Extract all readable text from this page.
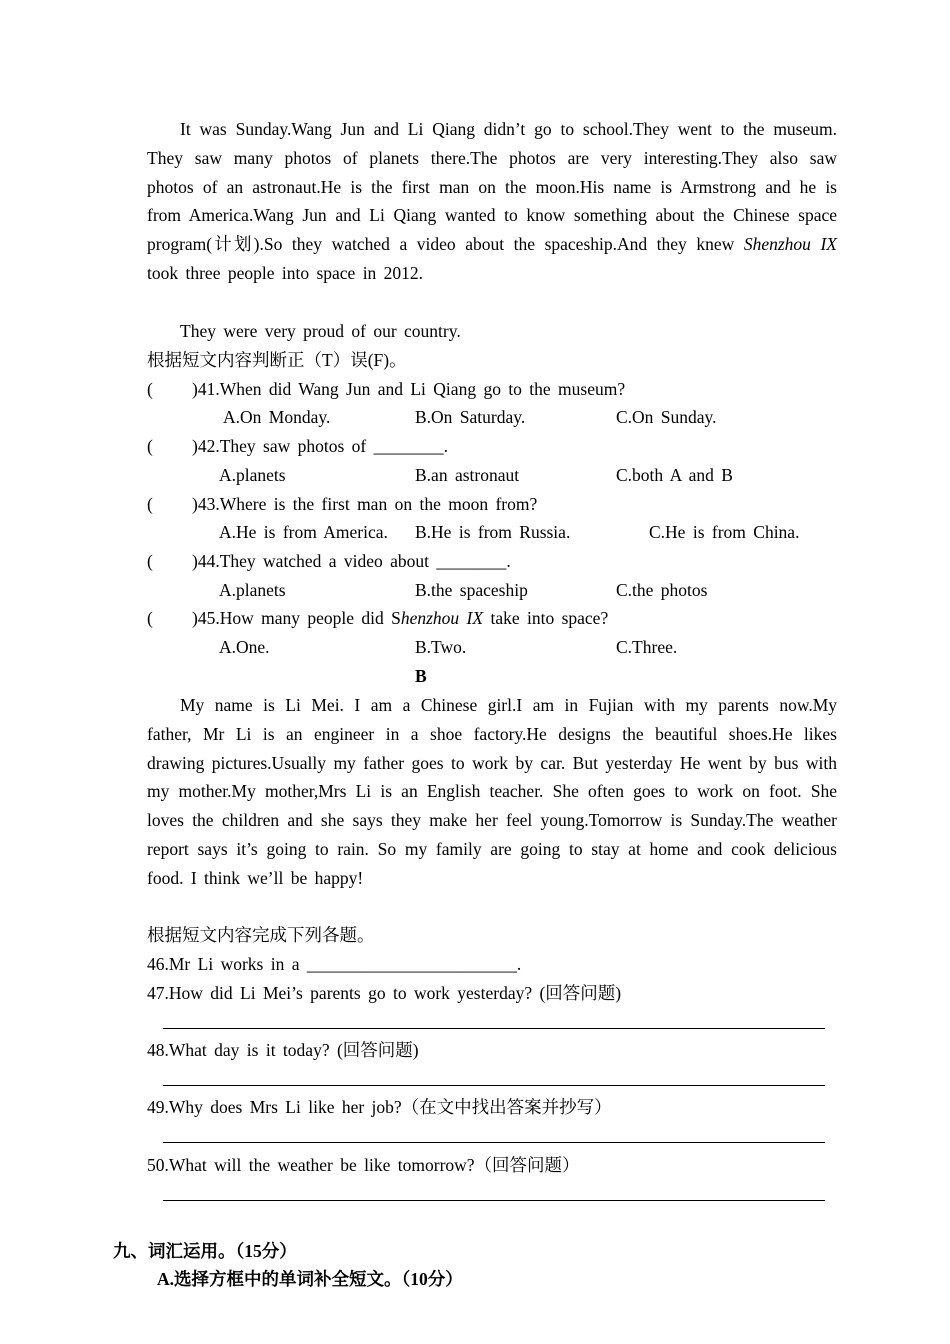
It was Sunday.Wang Jun and Li Qiang didn’t go to school.They went to the museum. They saw many photos of planets there.The photos are very interesting.They also saw photos of an astronaut.He is the first man on the moon.His name is Armstrong and he is from America.Wang Jun and Li Qiang wanted to know something about the Chinese space program(计划).So they watched a video about the spaceship.And they knew Shenzhou IX took three people into space in 2012.
They were very proud of our country.
根据短文内容判断正（T）误(F)。
( )41.When did Wang Jun and Li Qiang go to the museum?
A.On Monday.	B.On Saturday.	C.On Sunday.
( )42.They saw photos of ________.
A.planets	B.an astronaut	C.both A and B
( )43.Where is the first man on the moon from?
A.He is from America. B.He is from Russia.	C.He is from China.
( )44.They watched a video about ________.
A.planets	B.the spaceship	C.the photos
( )45.How many people did Shenzhou IX take into space?
A.One.	B.Two.	C.Three.
B
My name is Li Mei. I am a Chinese girl.I am in Fujian with my parents now.My father, Mr Li is an engineer in a shoe factory.He designs the beautiful shoes.He likes drawing pictures.Usually my father goes to work by car. But yesterday He went by bus with my mother.My mother,Mrs Li is an English teacher. She often goes to work on foot. She loves the children and she says they make her feel young.Tomorrow is Sunday.The weather report says it’s going to rain. So my family are going to stay at home and cook delicious food. I think we’ll be happy!
根据短文内容完成下列各题。
46.Mr Li works in a ________________________.
47.How did Li Mei’s parents go to work yesterday? (回答问题)
48.What day is it today? (回答问题)
49.Why does Mrs Li like her job?（在文中找出答案并抄写）
50.What will the weather be like tomorrow?（回答问题）
九、词汇运用。（15分）
A.选择方框中的单词补全短文。（10分）
